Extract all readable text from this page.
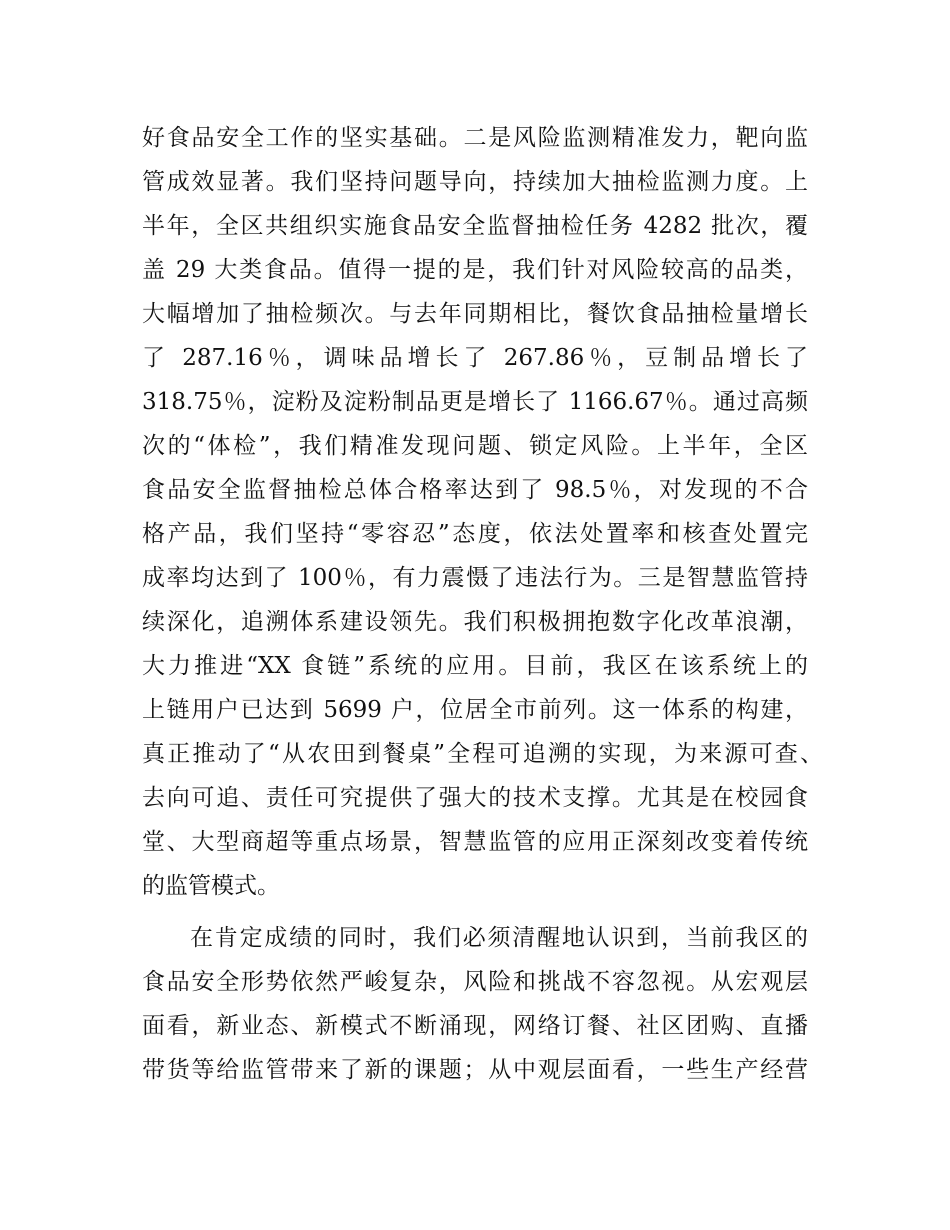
好食品安全工作的坚实基础。二是风险监测精准发力，靶向监
管成效显著。我们坚持问题导向，持续加大抽检监测力度。上
半年，全区共组织实施食品安全监督抽检任务 4282 批次，覆
盖 29 大类食品。值得一提的是，我们针对风险较高的品类，
大幅增加了抽检频次。与去年同期相比，餐饮食品抽检量增长
了 287.16％，调味品增长了 267.86％，豆制品增长了
318.75％，淀粉及淀粉制品更是增长了 1166.67％。通过高频
次的“体检”，我们精准发现问题、锁定风险。上半年，全区
食品安全监督抽检总体合格率达到了 98.5％，对发现的不合
格产品，我们坚持“零容忍”态度，依法处置率和核查处置完
成率均达到了 100％，有力震慑了违法行为。三是智慧监管持
续深化，追溯体系建设领先。我们积极拥抱数字化改革浪潮，
大力推进“XX 食链”系统的应用。目前，我区在该系统上的
上链用户已达到 5699 户，位居全市前列。这一体系的构建，
真正推动了“从农田到餐桌”全程可追溯的实现，为来源可查、
去向可追、责任可究提供了强大的技术支撑。尤其是在校园食
堂、大型商超等重点场景，智慧监管的应用正深刻改变着传统
的监管模式。
在肯定成绩的同时，我们必须清醒地认识到，当前我区的
食品安全形势依然严峻复杂，风险和挑战不容忽视。从宏观层
面看，新业态、新模式不断涌现，网络订餐、社区团购、直播
带货等给监管带来了新的课题；从中观层面看，一些生产经营
